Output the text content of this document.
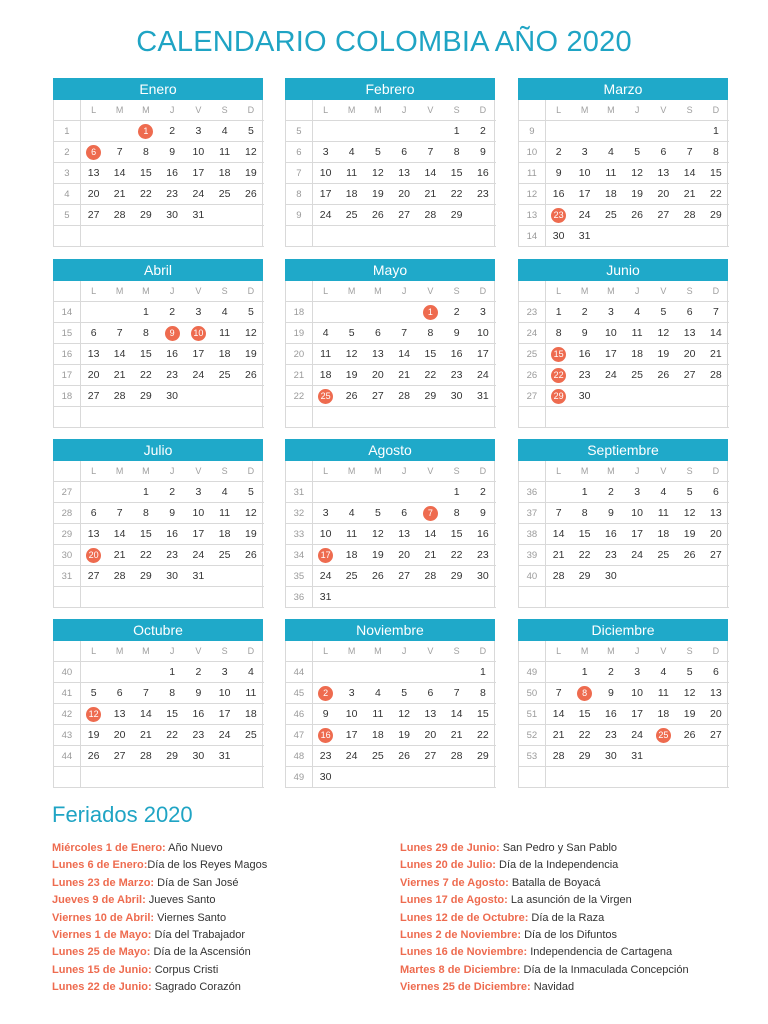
CALENDARIO COLOMBIA AÑO 2020
Enero
	L	M	M	J	V	S	D
1			1	2	3	4	5
2	6	7	8	9	10	11	12
3	13	14	15	16	17	18	19
4	20	21	22	23	24	25	26
5	27	28	29	30	31		

Febrero
	L	M	M	J	V	S	D
5						1	2
6	3	4	5	6	7	8	9
7	10	11	12	13	14	15	16
8	17	18	19	20	21	22	23
9	24	25	26	27	28	29	

Marzo
	L	M	M	J	V	S	D
9							1
10	2	3	4	5	6	7	8
11	9	10	11	12	13	14	15
12	16	17	18	19	20	21	22
13	23	24	25	26	27	28	29
14	30	31					
Abril
	L	M	M	J	V	S	D
14			1	2	3	4	5
15	6	7	8	9	10	11	12
16	13	14	15	16	17	18	19
17	20	21	22	23	24	25	26
18	27	28	29	30			

Mayo
	L	M	M	J	V	S	D
18					1	2	3
19	4	5	6	7	8	9	10
20	11	12	13	14	15	16	17
21	18	19	20	21	22	23	24
22	25	26	27	28	29	30	31

Junio
	L	M	M	J	V	S	D
23	1	2	3	4	5	6	7
24	8	9	10	11	12	13	14
25	15	16	17	18	19	20	21
26	22	23	24	25	26	27	28
27	29	30					

Julio
	L	M	M	J	V	S	D
27			1	2	3	4	5
28	6	7	8	9	10	11	12
29	13	14	15	16	17	18	19
30	20	21	22	23	24	25	26
31	27	28	29	30	31		

Agosto
	L	M	M	J	V	S	D
31						1	2
32	3	4	5	6	7	8	9
33	10	11	12	13	14	15	16
34	17	18	19	20	21	22	23
35	24	25	26	27	28	29	30
36	31						
Septiembre
	L	M	M	J	V	S	D
36		1	2	3	4	5	6
37	7	8	9	10	11	12	13
38	14	15	16	17	18	19	20
39	21	22	23	24	25	26	27
40	28	29	30				

Octubre
	L	M	M	J	V	S	D
40				1	2	3	4
41	5	6	7	8	9	10	11
42	12	13	14	15	16	17	18
43	19	20	21	22	23	24	25
44	26	27	28	29	30	31	

Noviembre
	L	M	M	J	V	S	D
44							1
45	2	3	4	5	6	7	8
46	9	10	11	12	13	14	15
47	16	17	18	19	20	21	22
48	23	24	25	26	27	28	29
49	30						
Diciembre
	L	M	M	J	V	S	D
49		1	2	3	4	5	6
50	7	8	9	10	11	12	13
51	14	15	16	17	18	19	20
52	21	22	23	24	25	26	27
53	28	29	30	31			

Feriados 2020
Miércoles 1 de Enero: Año Nuevo
Lunes 6 de Enero:Día de los Reyes Magos
Lunes 23 de Marzo: Día de San José
Jueves 9 de Abril: Jueves Santo
Viernes 10 de Abril: Viernes Santo
Viernes 1 de Mayo: Día del Trabajador
Lunes 25 de Mayo: Día de la Ascensión
Lunes 15 de Junio: Corpus Cristi
Lunes 22 de Junio: Sagrado Corazón
Lunes 29 de Junio: San Pedro y San Pablo
Lunes 20 de Julio: Día de la Independencia
Viernes 7 de Agosto: Batalla de Boyacá
Lunes 17 de Agosto: La asunción de la Virgen
Lunes 12 de de Octubre: Día de la Raza
Lunes 2 de Noviembre: Día de los Difuntos
Lunes 16 de Noviembre: Independencia de Cartagena
Martes 8 de Diciembre: Día de la Inmaculada Concepción
Viernes 25 de Diciembre: Navidad
